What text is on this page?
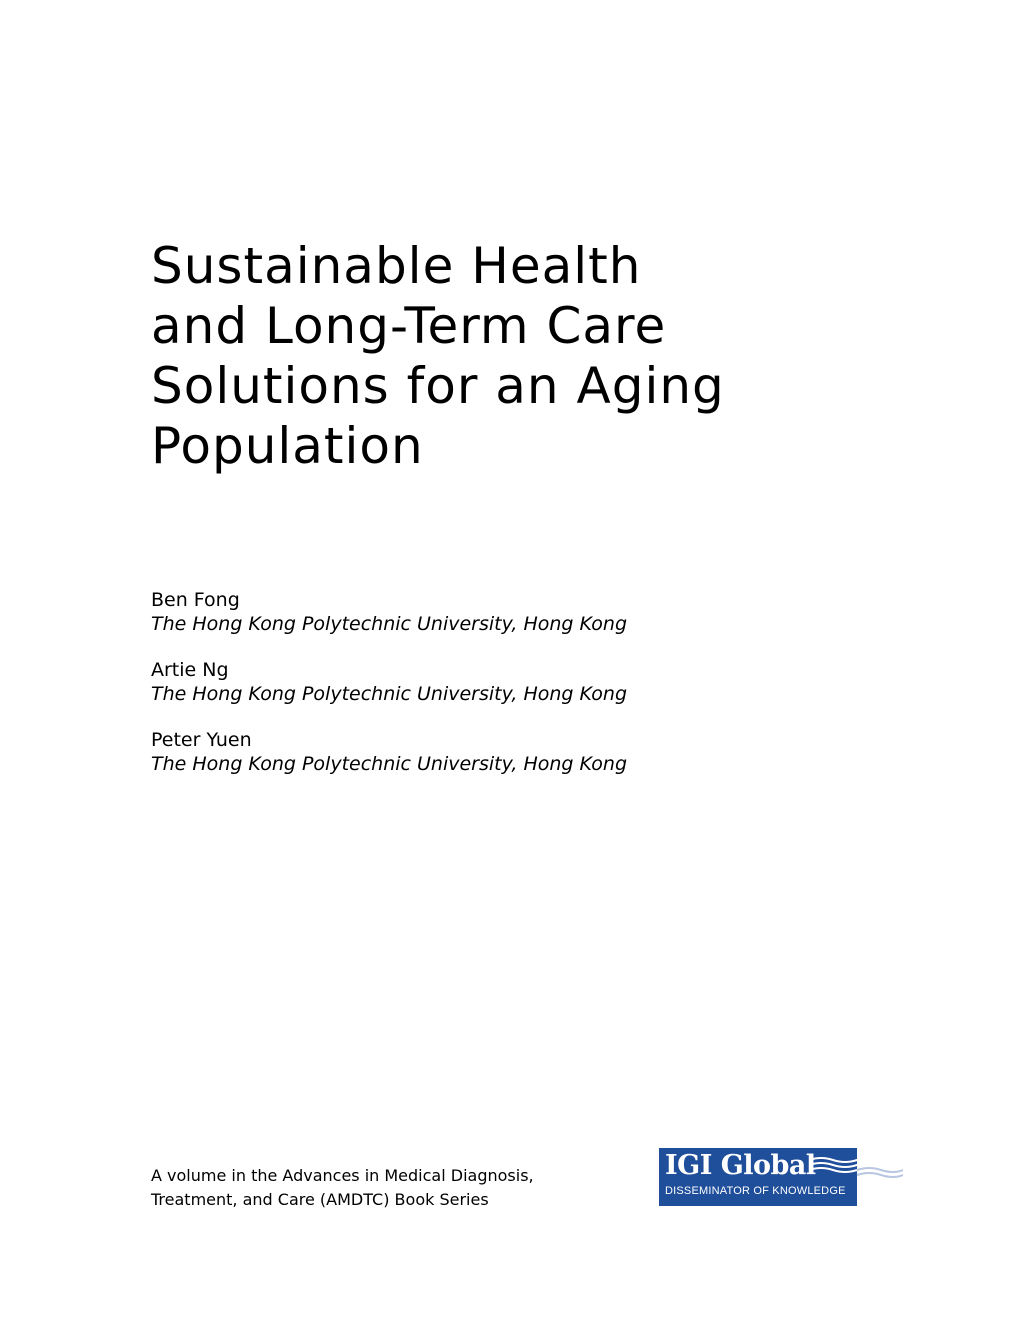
Sustainable Health
and Long-Term Care
Solutions for an Aging
Population
Ben Fong
The Hong Kong Polytechnic University, Hong Kong
Artie Ng
The Hong Kong Polytechnic University, Hong Kong
Peter Yuen
The Hong Kong Polytechnic University, Hong Kong
A volume in the Advances in Medical Diagnosis,
Treatment, and Care (AMDTC) Book Series
IGI Global
DISSEMINATOR OF KNOWLEDGE
